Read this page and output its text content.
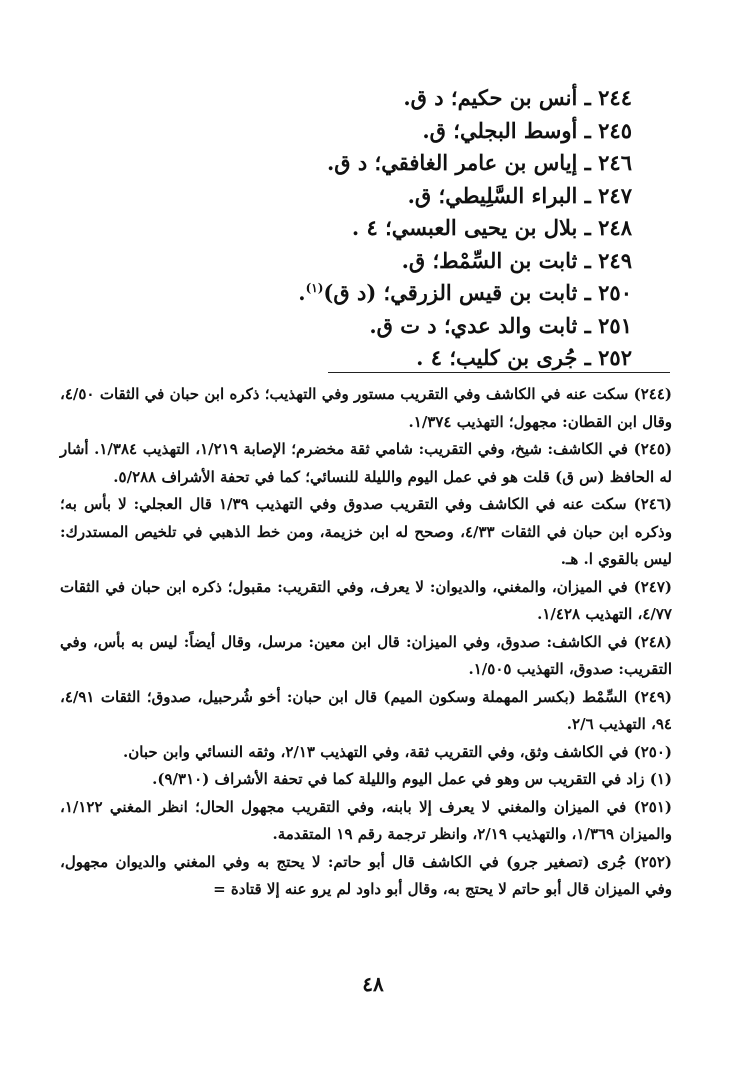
٢٤٤ ـ أنس بن حكيم؛ د ق.
٢٤٥ ـ أوسط البجلي؛ ق.
٢٤٦ ـ إياس بن عامر الغافقي؛ د ق.
٢٤٧ ـ البراء السَّلِيطي؛ ق.
٢٤٨ ـ بلال بن يحيى العبسي؛ ٤ .
٢٤٩ ـ ثابت بن السِّمْط؛ ق.
٢٥٠ ـ ثابت بن قيس الزرقي؛ (د ق)$^{(١)}$.
٢٥١ ـ ثابت والد عدي؛ د ت ق.
٢٥٢ ـ جُرى بن كليب؛ ٤ .

(٢٤٤) سكت عنه في الكاشف وفي التقريب مستور وفي التهذيب؛ ذكره ابن حبان في الثقات ٤/٥٠، وقال ابن القطان: مجهول؛ التهذيب ١/٣٧٤.

(٢٤٥) في الكاشف: شيخ، وفي التقريب: شامي ثقة مخضرم؛ الإصابة ١/٢١٩، التهذيب ١/٣٨٤. أشار له الحافظ (س ق) قلت هو في عمل اليوم والليلة للنسائي؛ كما في تحفة الأشراف ٥/٢٨٨.

(٢٤٦) سكت عنه في الكاشف وفي التقريب صدوق وفي التهذيب ١/٣٩ قال العجلي: لا بأس به؛ وذكره ابن حبان في الثقات ٤/٣٣، وصحح له ابن خزيمة، ومن خط الذهبي في تلخيص المستدرك: ليس بالقوي ا. هـ.

(٢٤٧) في الميزان، والمغني، والديوان: لا يعرف، وفي التقريب: مقبول؛ ذكره ابن حبان في الثقات ٤/٧٧، التهذيب ١/٤٢٨.

(٢٤٨) في الكاشف: صدوق، وفي الميزان: قال ابن معين: مرسل، وقال أيضاً: ليس به بأس، وفي التقريب: صدوق، التهذيب ١/٥٠٥.

(٢٤٩) السِّمْط (بكسر المهملة وسكون الميم) قال ابن حبان: أخو شُرحبيل، صدوق؛ الثقات ٤/٩١، ٩٤، التهذيب ٢/٦.

(٢٥٠) في الكاشف وثق، وفي التقريب ثقة، وفي التهذيب ٢/١٣، وثقه النسائي وابن حبان.

(١) زاد في التقريب س وهو في عمل اليوم والليلة كما في تحفة الأشراف (٩/٣١٠).

(٢٥١) في الميزان والمغني لا يعرف إلا بابنه، وفي التقريب مجهول الحال؛ انظر المغني ١/١٢٢، والميزان ١/٣٦٩، والتهذيب ٢/١٩، وانظر ترجمة رقم ١٩ المتقدمة.

(٢٥٢) جُرى (تصغير جرو) في الكاشف قال أبو حاتم: لا يحتج به وفي المغني والديوان مجهول، وفي الميزان قال أبو حاتم لا يحتج به، وقال أبو داود لم يرو عنه إلا قتادة =

٤٨
